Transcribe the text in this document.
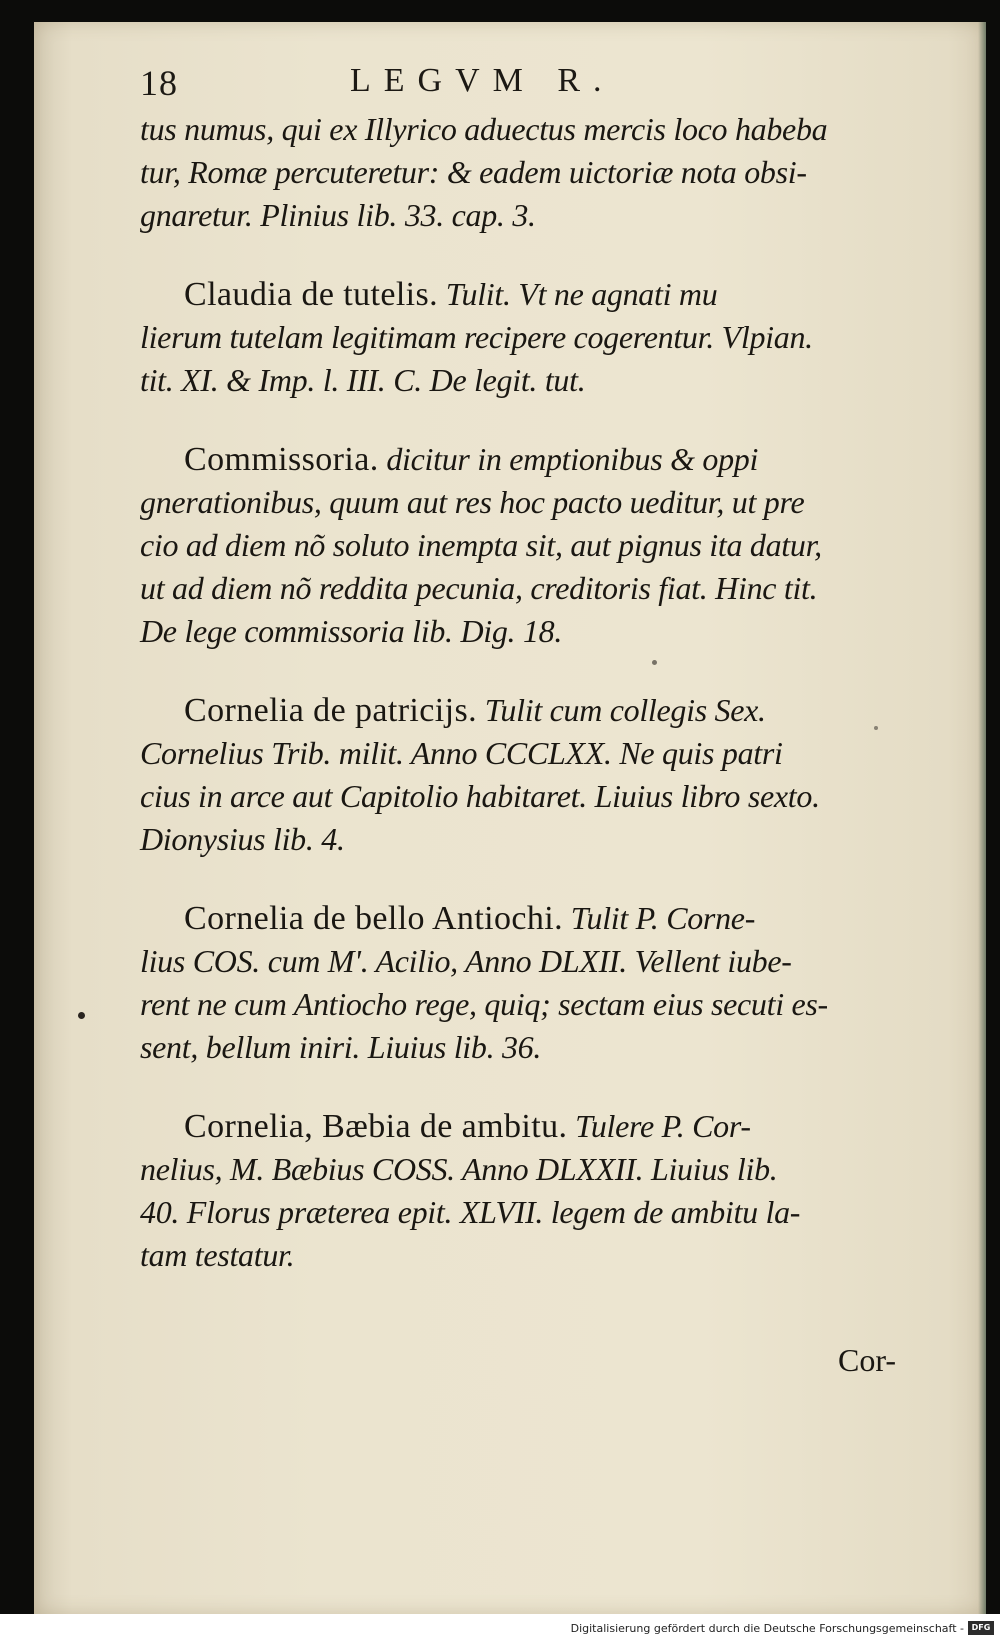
18	LEGVM R.
tus numus, qui ex Illyrico aduectus mercis loco habeba
tur, Romæ percuteretur: & eadem uictoriæ nota obsi-
gnaretur. Plinius lib. 33. cap. 3.
Claudia de tutelis. Tulit. Vt ne agnati mu
lierum tutelam legitimam recipere cogerentur. Vlpian.
tit. XI. & Imp. l. III. C. De legit. tut.
Commissoria. dicitur in emptionibus & oppi
gnerationibus, quum aut res hoc pacto ueditur, ut pre
cio ad diem nõ soluto inempta sit, aut pignus ita datur,
ut ad diem nõ reddita pecunia, creditoris fiat. Hinc tit.
De lege commissoria lib. Dig. 18.
Cornelia de patricijs. Tulit cum collegis Sex.
Cornelius Trib. milit. Anno CCCLXX. Ne quis patri
cius in arce aut Capitolio habitaret. Liuius libro sexto.
Dionysius lib. 4.
Cornelia de bello Antiochi. Tulit P. Corne-
lius COS. cum M'. Acilio, Anno DLXII. Vellent iube-
rent ne cum Antiocho rege, quiq; sectam eius secuti es-
sent, bellum iniri. Liuius lib. 36.
Cornelia, Bæbia de ambitu. Tulere P. Cor-
nelius, M. Bæbius COSS. Anno DLXXII. Liuius lib.
40. Florus præterea epit. XLVII. legem de ambitu la-
tam testatur.
Cor-
Digitalisierung gefördert durch die Deutsche Forschungsgemeinschaft - DFG
